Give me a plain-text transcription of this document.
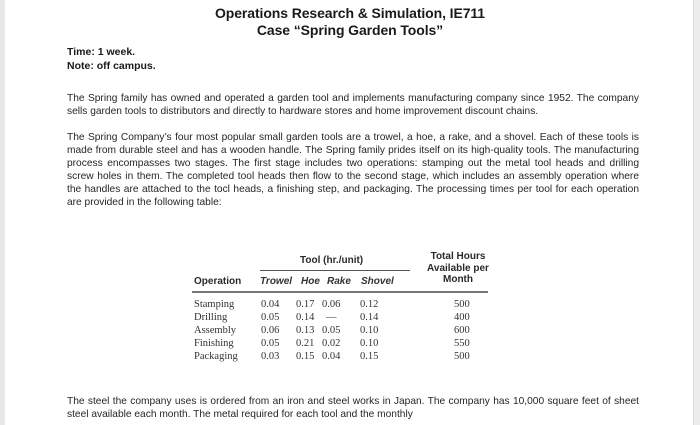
Operations Research & Simulation, IE711
Case “Spring Garden Tools”
Time: 1 week.
Note: off campus.

The Spring family has owned and operated a garden tool and implements manufacturing company since 1952. The company sells garden tools to distributors and directly to hardware stores and home improvement discount chains.

The Spring Company’s four most popular small garden tools are a trowel, a hoe, a rake, and a shovel. Each of these tools is made from durable steel and has a wooden handle. The Spring family prides itself on its high-quality tools. The manufacturing process encompasses two stages. The first stage includes two operations: stamping out the metal tool heads and drilling screw holes in them. The completed tool heads then flow to the second stage, which includes an assembly operation where the handles are attached to the tocl heads, a finishing step, and packaging. The processing times per tool for each operation are provided in the following table:

Tool (hr./unit)	Total Hours
Available per
Month
Operation Trowel Hoe Rake Shovel
Stamping	0.04 0.17 0.06 0.12	500
Drilling	0.05 0.14 — 0.14	400
Assembly 0.06 0.13 0.05 0.10	600
Finishing	0.05 0.21 0.02 0.10	550
Packaging 0.03 0.15 0.04 0.15	500

The steel the company uses is ordered from an iron and steel works in Japan. The company has 10,000 square feet of sheet steel available each month. The metal required for each tool and the monthly
